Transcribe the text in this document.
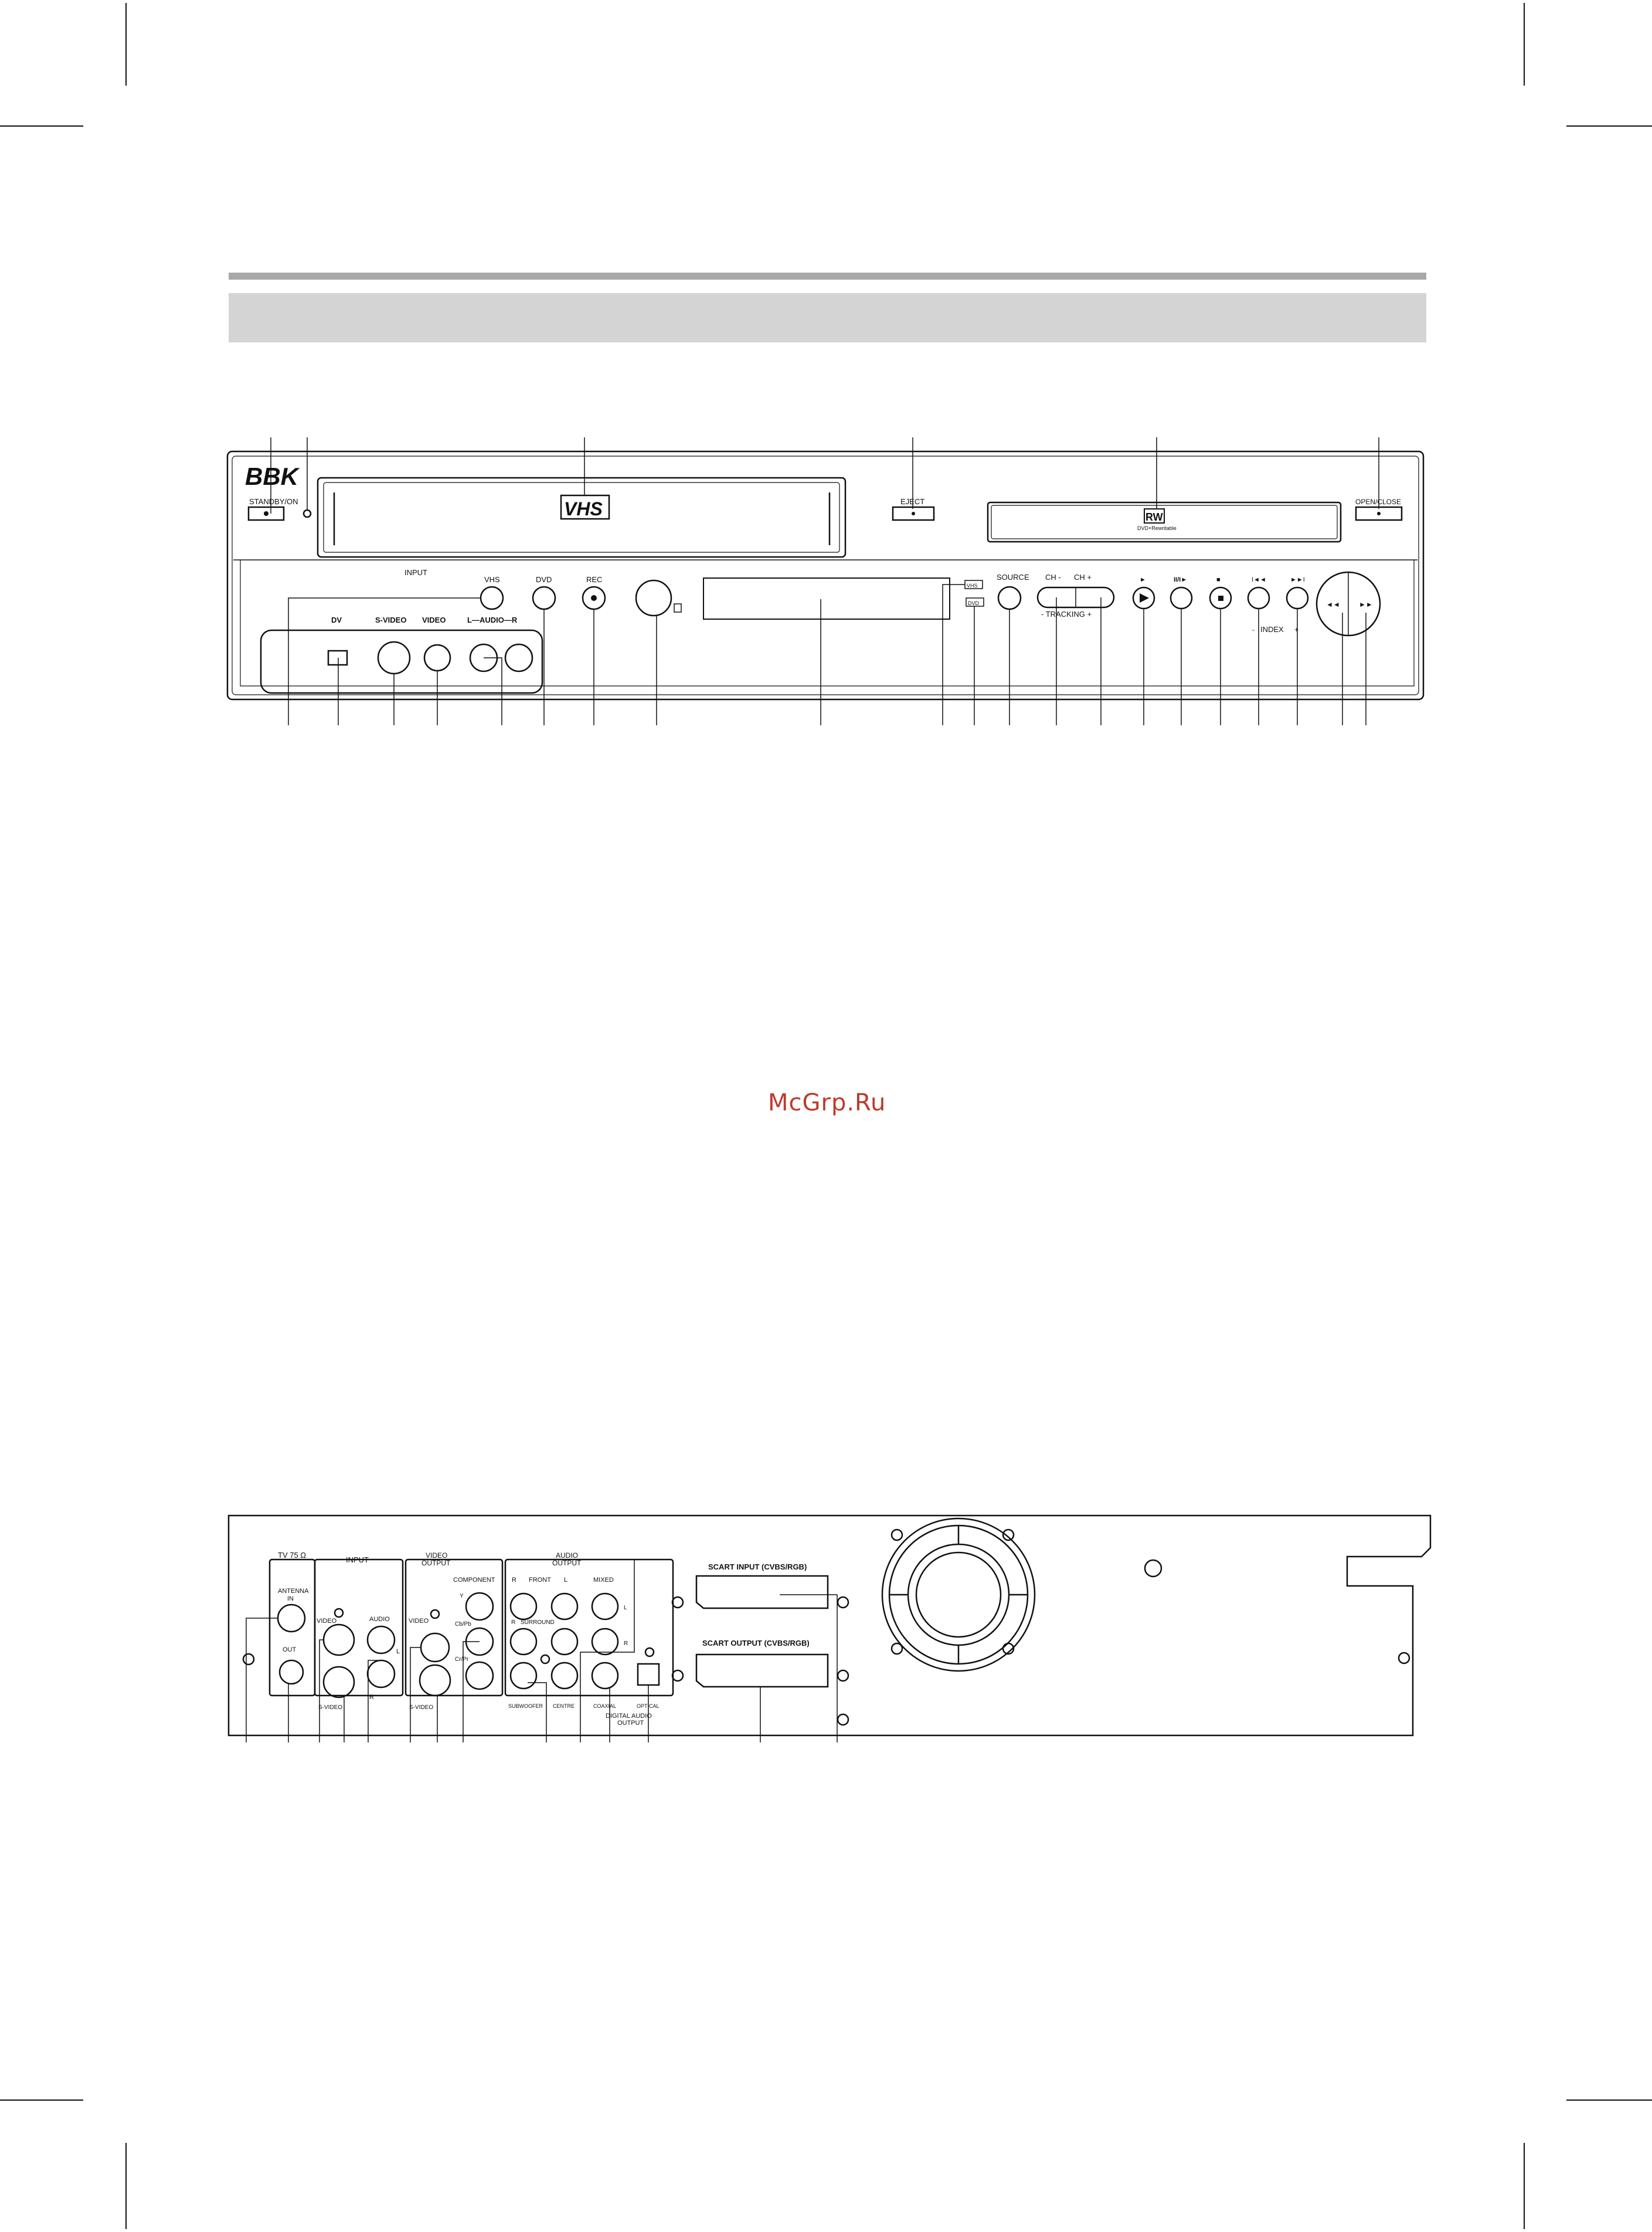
BBK
STANDBY/ON	VHS	EJECT
RW
DVD+Rewritable
OPEN/CLOSE
INPUT
DV	S-VIDEO VIDEO	L—AUDIO—R
VHS	DVD	REC
VHS
DVD
SOURCE CH - CH +
- TRACKING +
►	II/I►	■	I◄◄	►►I
- INDEX +
◄◄	►►
TV 75 Ω
ANTENNA
IN
OUT
INPUT
VIDEO	AUDIO
S-VIDEO
L
R
VIDEO
OUTPUT
COMPONENT
Y
Cb/Pb
Cr/Pr
VIDEO
S-VIDEO
AUDIO
OUTPUT
R FRONT L	MIXED
L
R
R SURROUND
SUBWOOFER CENTRE	COAXIAL	OPTICAL
DIGITAL AUDIO
OUTPUT
SCART INPUT (CVBS/RGB)
SCART OUTPUT (CVBS/RGB)
McGrp.Ru
